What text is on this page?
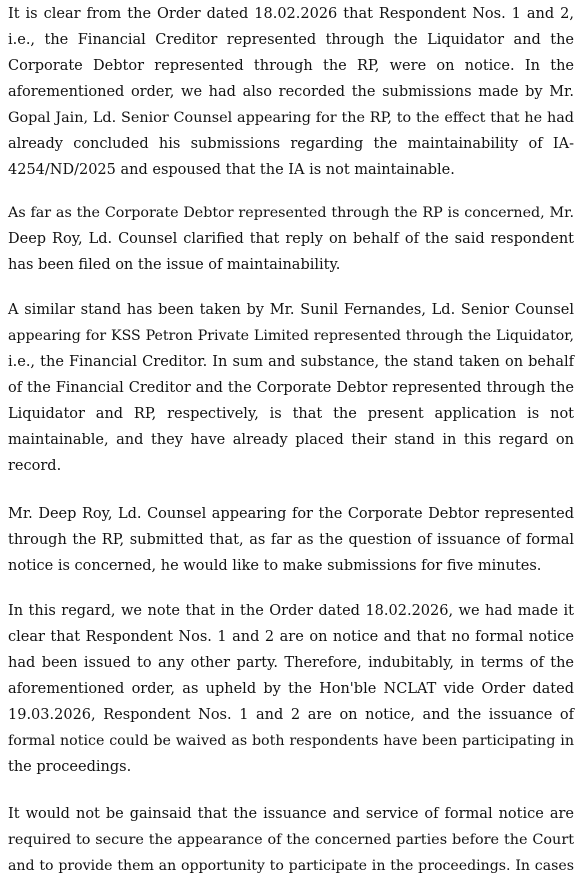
It is clear from the Order dated 18.02.2026 that Respondent Nos. 1 and 2,
i.e., the Financial Creditor represented through the Liquidator and the
Corporate Debtor represented through the RP, were on notice. In the
aforementioned order, we had also recorded the submissions made by Mr.
Gopal Jain, Ld. Senior Counsel appearing for the RP, to the effect that he had
already concluded his submissions regarding the maintainability of IA-
4254/ND/2025 and espoused that the IA is not maintainable.
As far as the Corporate Debtor represented through the RP is concerned, Mr.
Deep Roy, Ld. Counsel clarified that reply on behalf of the said respondent
has been filed on the issue of maintainability.
A similar stand has been taken by Mr. Sunil Fernandes, Ld. Senior Counsel
appearing for KSS Petron Private Limited represented through the Liquidator,
i.e., the Financial Creditor. In sum and substance, the stand taken on behalf
of the Financial Creditor and the Corporate Debtor represented through the
Liquidator and RP, respectively, is that the present application is not
maintainable, and they have already placed their stand in this regard on
record.
Mr. Deep Roy, Ld. Counsel appearing for the Corporate Debtor represented
through the RP, submitted that, as far as the question of issuance of formal
notice is concerned, he would like to make submissions for five minutes.
In this regard, we note that in the Order dated 18.02.2026, we had made it
clear that Respondent Nos. 1 and 2 are on notice and that no formal notice
had been issued to any other party. Therefore, indubitably, in terms of the
aforementioned order, as upheld by the Hon'ble NCLAT vide Order dated
19.03.2026, Respondent Nos. 1 and 2 are on notice, and the issuance of
formal notice could be waived as both respondents have been participating in
the proceedings.
It would not be gainsaid that the issuance and service of formal notice are
required to secure the appearance of the concerned parties before the Court
and to provide them an opportunity to participate in the proceedings. In cases
